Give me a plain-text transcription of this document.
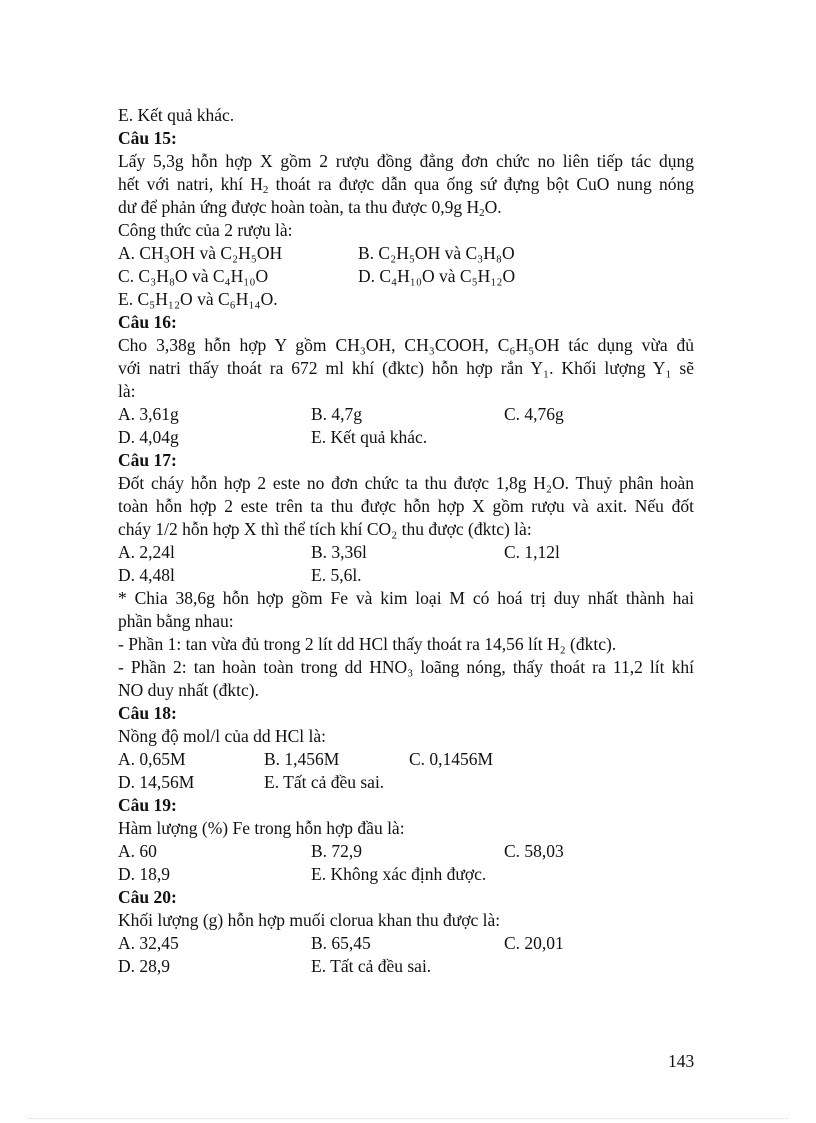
E. Kết quả khác.
Câu 15:
Lấy 5,3g hỗn hợp X gồm 2 rượu đồng đẳng đơn chức no liên tiếp tác dụng
hết với natri, khí $H_2$ thoát ra được dẫn qua ống sứ đựng bột CuO nung nóng
dư để phản ứng được hoàn toàn, ta thu được 0,9g $H_2O$.
Công thức của 2 rượu là:
A. CH₃OH và C₂H₅OH	B. C₂H₅OH và C₃H₈O
C. C₃H₈O và C₄H₁₀O	D. C₄H₁₀O và C₅H₁₂O
E. C₅H₁₂O và C₆H₁₄O.
Câu 16:
Cho 3,38g hỗn hợp Y gồm CH₃OH, CH₃COOH, C₆H₅OH tác dụng vừa đủ
với natri thấy thoát ra 672 ml khí (đktc) hỗn hợp rắn Y₁. Khối lượng Y₁ sẽ
là:
A. 3,61g	B. 4,7g	C. 4,76g
D. 4,04g	E. Kết quả khác.
Câu 17:
Đốt cháy hỗn hợp 2 este no đơn chức ta thu được 1,8g H₂O. Thuỷ phân hoàn
toàn hỗn hợp 2 este trên ta thu được hỗn hợp X gồm rượu và axit. Nếu đốt
cháy 1/2 hỗn hợp X thì thể tích khí CO₂ thu được (đktc) là:
A. 2,24l	B. 3,36l	C. 1,12l
D. 4,48l	E. 5,6l.
* Chia 38,6g hỗn hợp gồm Fe và kim loại M có hoá trị duy nhất thành hai
phần bằng nhau:
- Phần 1: tan vừa đủ trong 2 lít dd HCl thấy thoát ra 14,56 lít H₂ (đktc).
- Phần 2: tan hoàn toàn trong dd HNO₃ loãng nóng, thấy thoát ra 11,2 lít khí
NO duy nhất (đktc).
Câu 18:
Nồng độ mol/l của dd HCl là:
A. 0,65M	B. 1,456M	C. 0,1456M
D. 14,56M	E. Tất cả đều sai.
Câu 19:
Hàm lượng (%) Fe trong hỗn hợp đầu là:
A. 60	B. 72,9	C. 58,03
D. 18,9	E. Không xác định được.
Câu 20:
Khối lượng (g) hỗn hợp muối clorua khan thu được là:
A. 32,45	B. 65,45	C. 20,01
D. 28,9	E. Tất cả đều sai.
143
